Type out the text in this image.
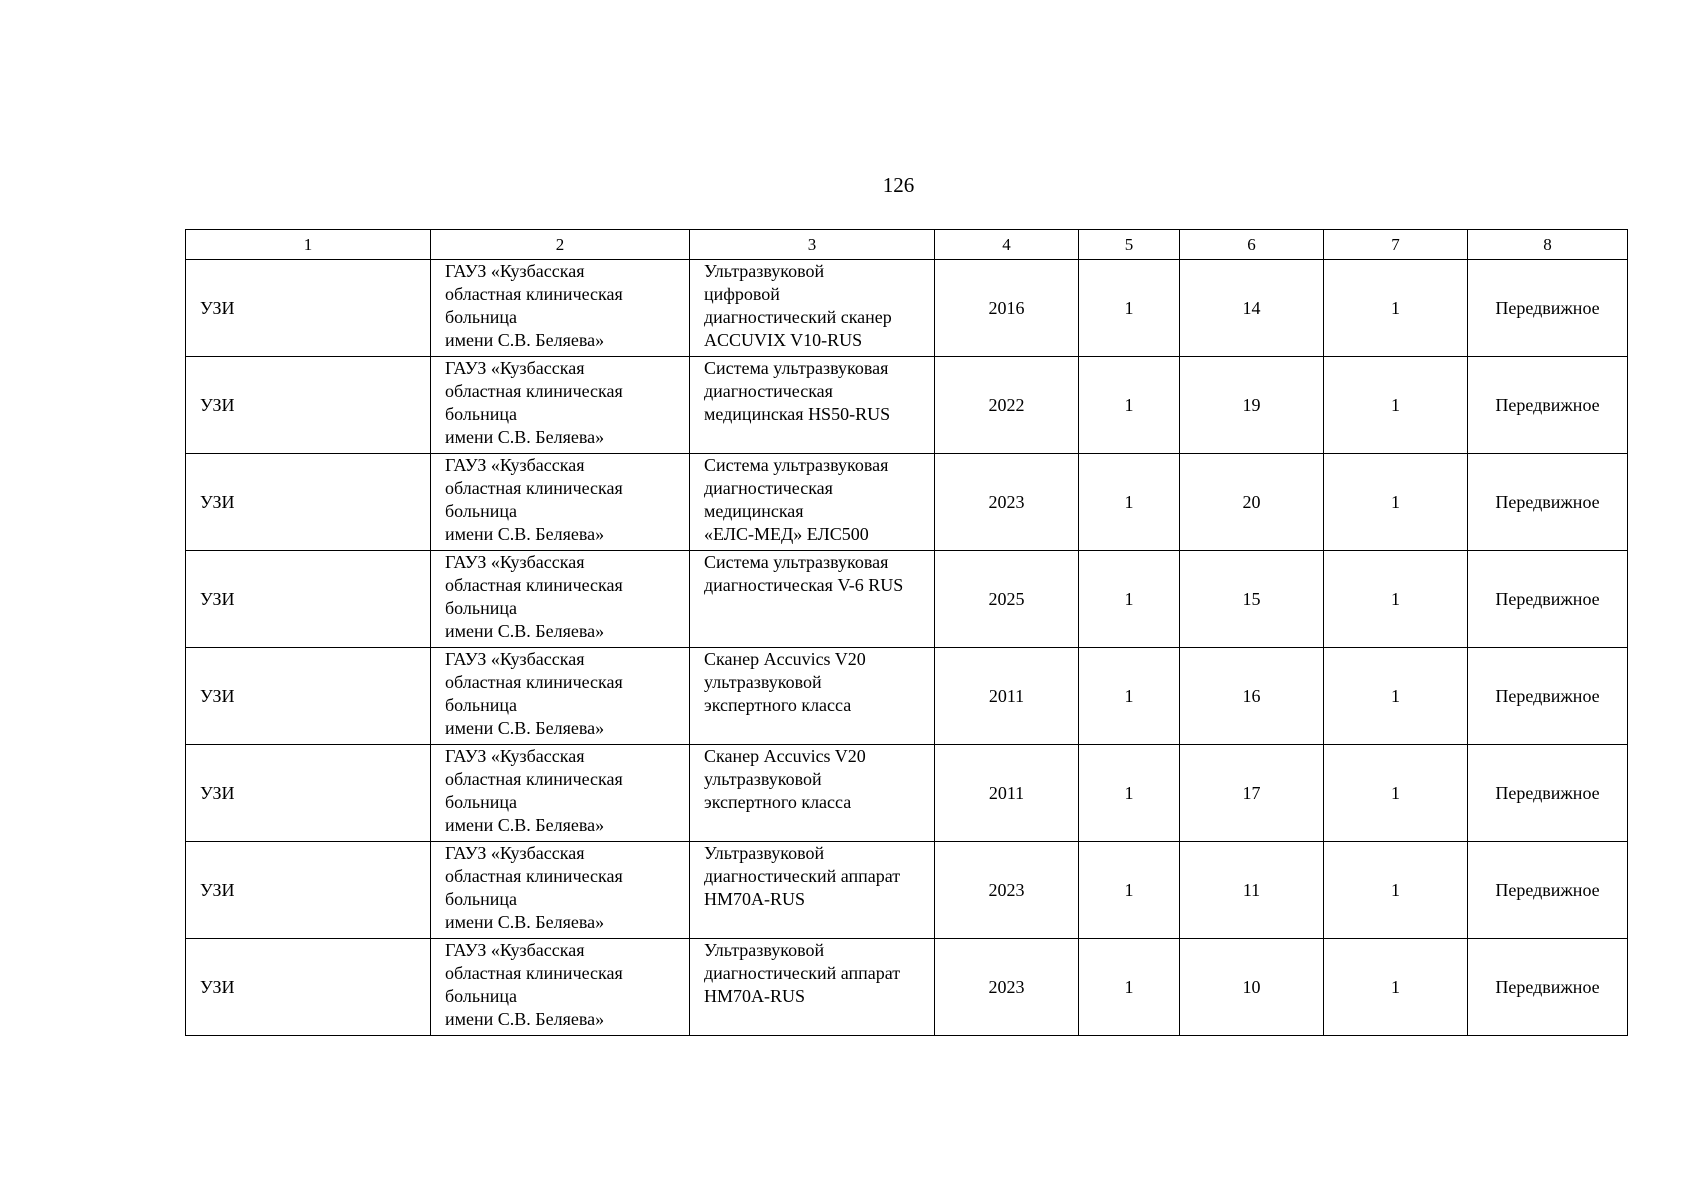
126
1	2	3	4	5	6	7	8
УЗИ	ГАУЗ «Кузбасская
областная клиническая
больница
имени С.В. Беляева»	Ультразвуковой
цифровой
диагностический сканер
ACCUVIX V10-RUS	2016	1	14	1	Передвижное
УЗИ	ГАУЗ «Кузбасская
областная клиническая
больница
имени С.В. Беляева»	Система ультразвуковая
диагностическая
медицинская HS50-RUS	2022	1	19	1	Передвижное
УЗИ	ГАУЗ «Кузбасская
областная клиническая
больница
имени С.В. Беляева»	Система ультразвуковая
диагностическая
медицинская
«ЕЛС-МЕД» ЕЛС500	2023	1	20	1	Передвижное
УЗИ	ГАУЗ «Кузбасская
областная клиническая
больница
имени С.В. Беляева»	Система ультразвуковая
диагностическая V-6 RUS	2025	1	15	1	Передвижное
УЗИ	ГАУЗ «Кузбасская
областная клиническая
больница
имени С.В. Беляева»	Сканер Accuvics V20
ультразвуковой
экспертного класса	2011	1	16	1	Передвижное
УЗИ	ГАУЗ «Кузбасская
областная клиническая
больница
имени С.В. Беляева»	Сканер Accuvics V20
ультразвуковой
экспертного класса	2011	1	17	1	Передвижное
УЗИ	ГАУЗ «Кузбасская
областная клиническая
больница
имени С.В. Беляева»	Ультразвуковой
диагностический аппарат
HM70A-RUS	2023	1	11	1	Передвижное
УЗИ	ГАУЗ «Кузбасская
областная клиническая
больница
имени С.В. Беляева»	Ультразвуковой
диагностический аппарат
HM70A-RUS	2023	1	10	1	Передвижное
